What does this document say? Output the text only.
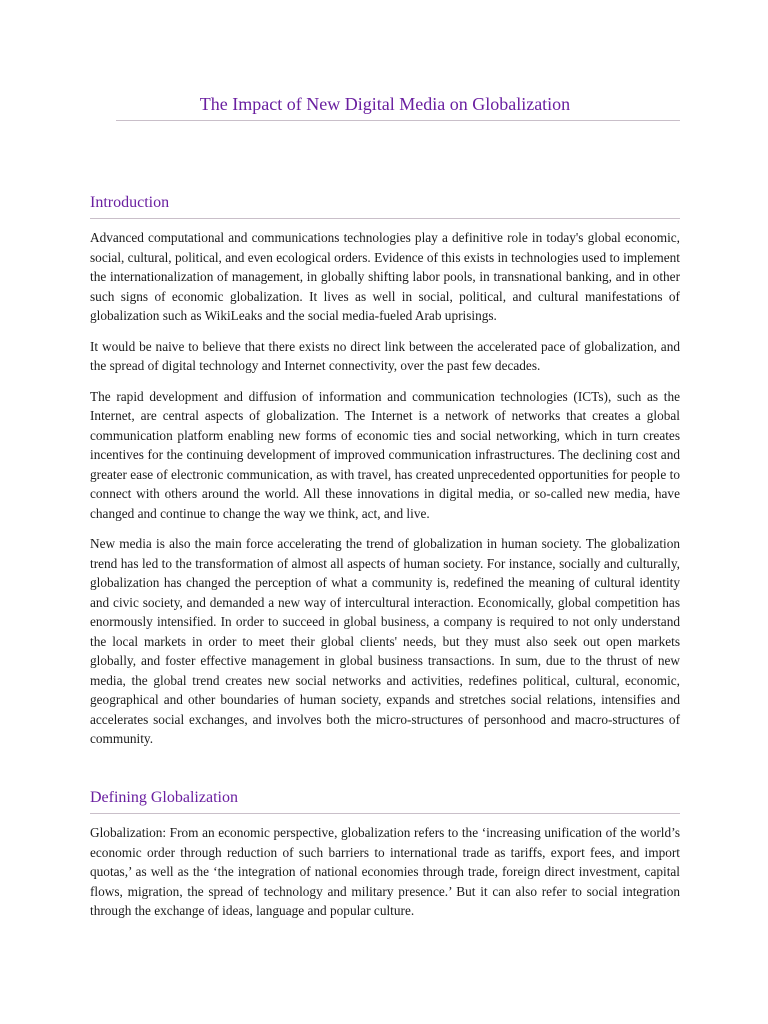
The Impact of New Digital Media on Globalization
Introduction

Advanced computational and communications technologies play a definitive role in today's global economic, social, cultural, political, and even ecological orders. Evidence of this exists in technologies used to implement the internationalization of management, in globally shifting labor pools, in transnational banking, and in other such signs of economic globalization. It lives as well in social, political, and cultural manifestations of globalization such as WikiLeaks and the social media-fueled Arab uprisings.

It would be naive to believe that there exists no direct link between the accelerated pace of globalization, and the spread of digital technology and Internet connectivity, over the past few decades.

The rapid development and diffusion of information and communication technologies (ICTs), such as the Internet, are central aspects of globalization. The Internet is a network of networks that creates a global communication platform enabling new forms of economic ties and social networking, which in turn creates incentives for the continuing development of improved communication infrastructures. The declining cost and greater ease of electronic communication, as with travel, has created unprecedented opportunities for people to connect with others around the world. All these innovations in digital media, or so-called new media, have changed and continue to change the way we think, act, and live.

New media is also the main force accelerating the trend of globalization in human society. The globalization trend has led to the transformation of almost all aspects of human society. For instance, socially and culturally, globalization has changed the perception of what a community is, redefined the meaning of cultural identity and civic society, and demanded a new way of intercultural interaction. Economically, global competition has enormously intensified. In order to succeed in global business, a company is required to not only understand the local markets in order to meet their global clients' needs, but they must also seek out open markets globally, and foster effective management in global business transactions. In sum, due to the thrust of new media, the global trend creates new social networks and activities, redefines political, cultural, economic, geographical and other boundaries of human society, expands and stretches social relations, intensifies and accelerates social exchanges, and involves both the micro-structures of personhood and macro-structures of community.

Defining Globalization

Globalization: From an economic perspective, globalization refers to the ‘increasing unification of the world’s economic order through reduction of such barriers to international trade as tariffs, export fees, and import quotas,’ as well as the ‘the integration of national economies through trade, foreign direct investment, capital flows, migration, the spread of technology and military presence.’ But it can also refer to social integration through the exchange of ideas, language and popular culture.
